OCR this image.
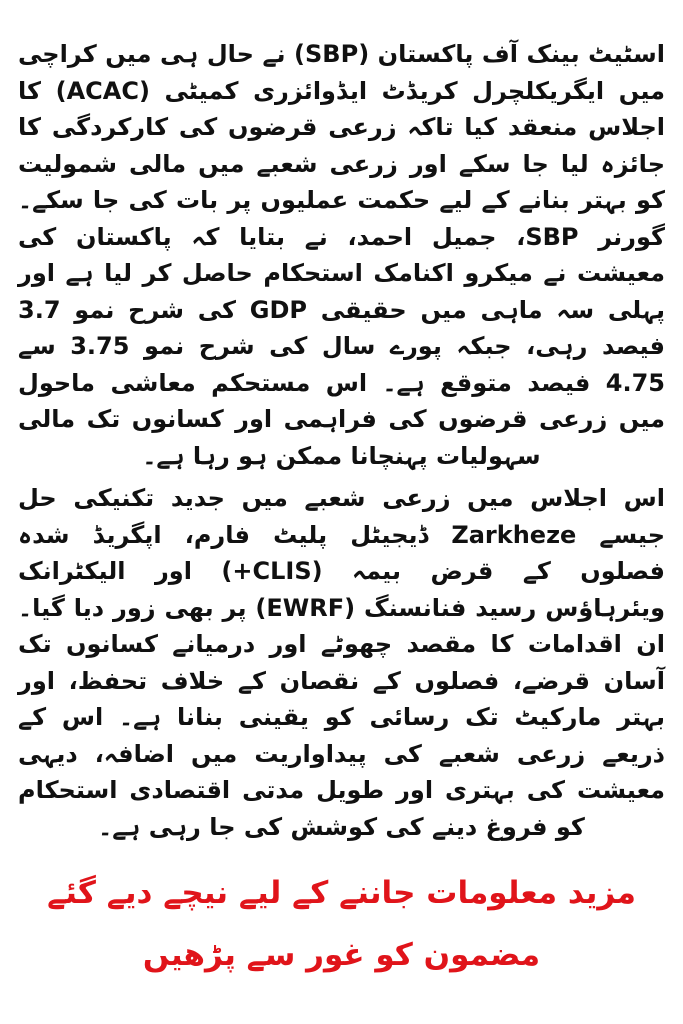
اسٹیٹ بینک آف پاکستان (SBP) نے حال ہی میں کراچی میں ایگریکلچرل کریڈٹ ایڈوائزری کمیٹی (ACAC) کا اجلاس منعقد کیا تاکہ زرعی قرضوں کی کارکردگی کا جائزہ لیا جا سکے اور زرعی شعبے میں مالی شمولیت کو بہتر بنانے کے لیے حکمت عملیوں پر بات کی جا سکے۔ گورنر SBP، جمیل احمد، نے بتایا کہ پاکستان کی معیشت نے میکرو اکنامک استحکام حاصل کر لیا ہے اور پہلی سہ ماہی میں حقیقی GDP کی شرح نمو 3.7 فیصد رہی، جبکہ پورے سال کی شرح نمو 3.75 سے 4.75 فیصد متوقع ہے۔ اس مستحکم معاشی ماحول میں زرعی قرضوں کی فراہمی اور کسانوں تک مالی سہولیات پہنچانا ممکن ہو رہا ہے۔

اس اجلاس میں زرعی شعبے میں جدید تکنیکی حل جیسے Zarkheze ڈیجیٹل پلیٹ فارم، اپگریڈ شدہ فصلوں کے قرض بیمہ (CLIS+) اور الیکٹرانک ویئرہاؤس رسید فنانسنگ (EWRF) پر بھی زور دیا گیا۔ ان اقدامات کا مقصد چھوٹے اور درمیانے کسانوں تک آسان قرضے، فصلوں کے نقصان کے خلاف تحفظ، اور بہتر مارکیٹ تک رسائی کو یقینی بنانا ہے۔ اس کے ذریعے زرعی شعبے کی پیداواریت میں اضافہ، دیہی معیشت کی بہتری اور طویل مدتی اقتصادی استحکام کو فروغ دینے کی کوشش کی جا رہی ہے۔

مزید معلومات جاننے کے لیے نیچے دیے گئے مضمون کو غور سے پڑھیں
